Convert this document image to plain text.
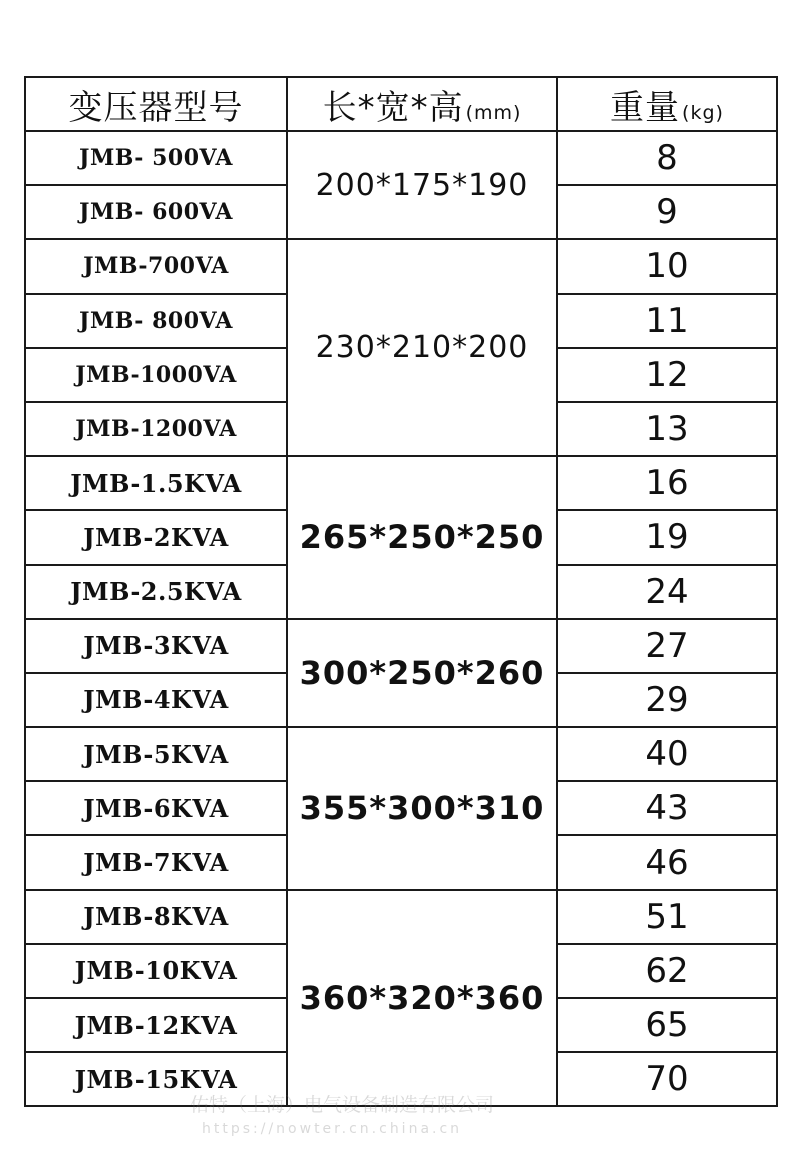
变压器型号	长*宽*高 (mm)	重量 (kg)
JMB- 500VA	200*175*190	8
JMB- 600VA		9
JMB-700VA	230*210*200	10
JMB- 800VA		11
JMB-1000VA		12
JMB-1200VA		13
JMB-1.5KVA	265*250*250	16
JMB-2KVA		19
JMB-2.5KVA		24
JMB-3KVA	300*250*260	27
JMB-4KVA		29
JMB-5KVA	355*300*310	40
JMB-6KVA		43
JMB-7KVA		46
JMB-8KVA	360*320*360	51
JMB-10KVA		62
JMB-12KVA		65
JMB-15KVA		70
佑特（上海）电气设备制造有限公司
https://nowter.cn.china.cn
